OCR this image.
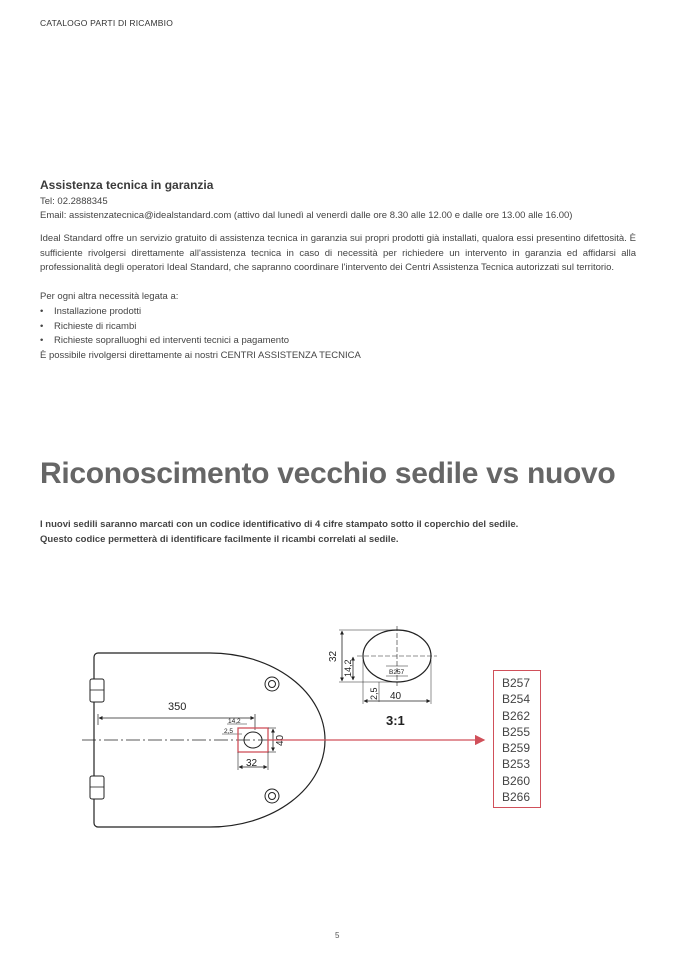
CATALOGO PARTI DI RICAMBIO
Assistenza tecnica in garanzia
Tel: 02.2888345
Email: assistenzatecnica@idealstandard.com (attivo dal lunedì al venerdì dalle ore 8.30 alle 12.00 e dalle ore 13.00 alle 16.00)

Ideal Standard offre un servizio gratuito di assistenza tecnica in garanzia sui propri prodotti già installati, qualora essi presentino difettosità. È sufficiente rivolgersi direttamente all'assistenza tecnica in caso di necessità per richiedere un intervento in garanzia ed affidarsi alla professionalità degli operatori Ideal Standard, che sapranno coordinare l'intervento dei Centri Assistenza Tecnica autorizzati sul territorio.

Per ogni altra necessità legata a:

• Installazione prodotti
• Richieste di ricambi
• Richieste sopralluoghi ed interventi tecnici a pagamento

È possibile rivolgersi direttamente ai nostri CENTRI ASSISTENZA TECNICA

Riconoscimento vecchio sedile vs nuovo
I nuovi sedili saranno marcati con un codice identificativo di 4 cifre stampato sotto il coperchio del sedile.
Questo codice permetterà di identificare facilmente il ricambi correlati al sedile.
350
14,2
2,5
40
32
B257
32
14,2
2,5 40
3:1
B257
B254
B262
B255
B259
B253
B260
B266
5
